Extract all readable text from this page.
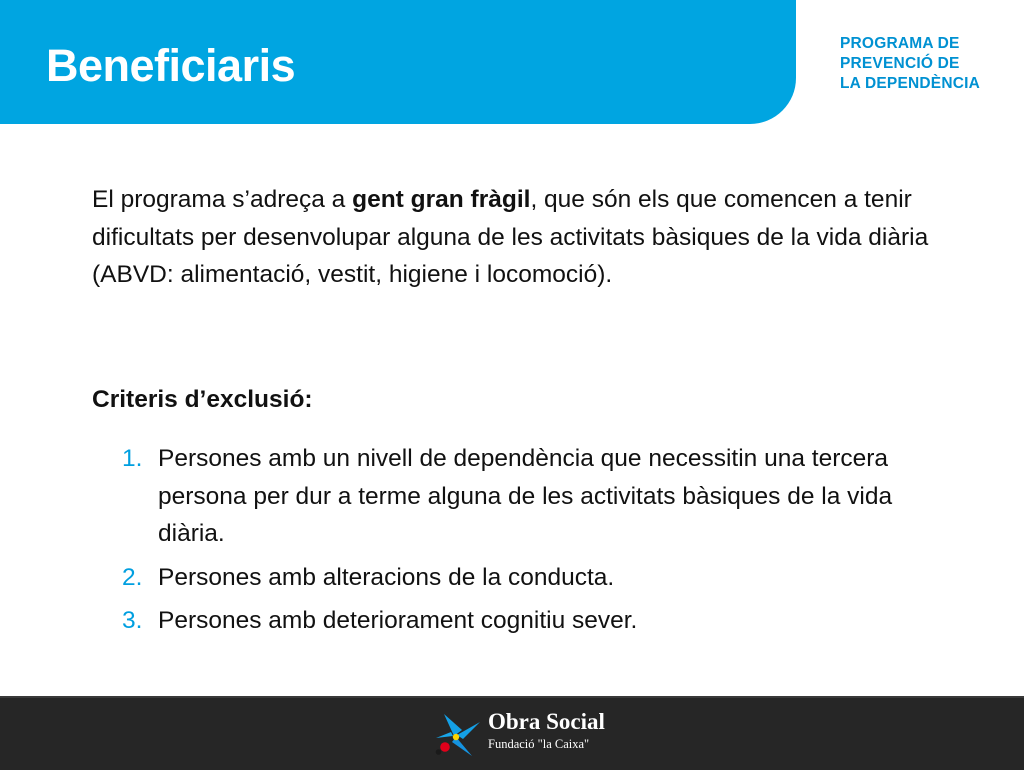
Beneficiaris	PROGRAMA DE
PREVENCIÓ DE
LA DEPENDÈNCIA

El programa s’adreça a gent gran fràgil, que són els que comencen a tenir dificultats per desenvolupar alguna de les activitats bàsiques de la vida diària (ABVD: alimentació, vestit, higiene i locomoció).

Criteris d’exclusió:
1. Persones amb un nivell de dependència que necessitin una tercera persona per dur a terme alguna de les activitats bàsiques de la vida diària.
2. Persones amb alteracions de la conducta.
3. Persones amb deteriorament cognitiu sever.
Obra Social
Fundació "la Caixa"
